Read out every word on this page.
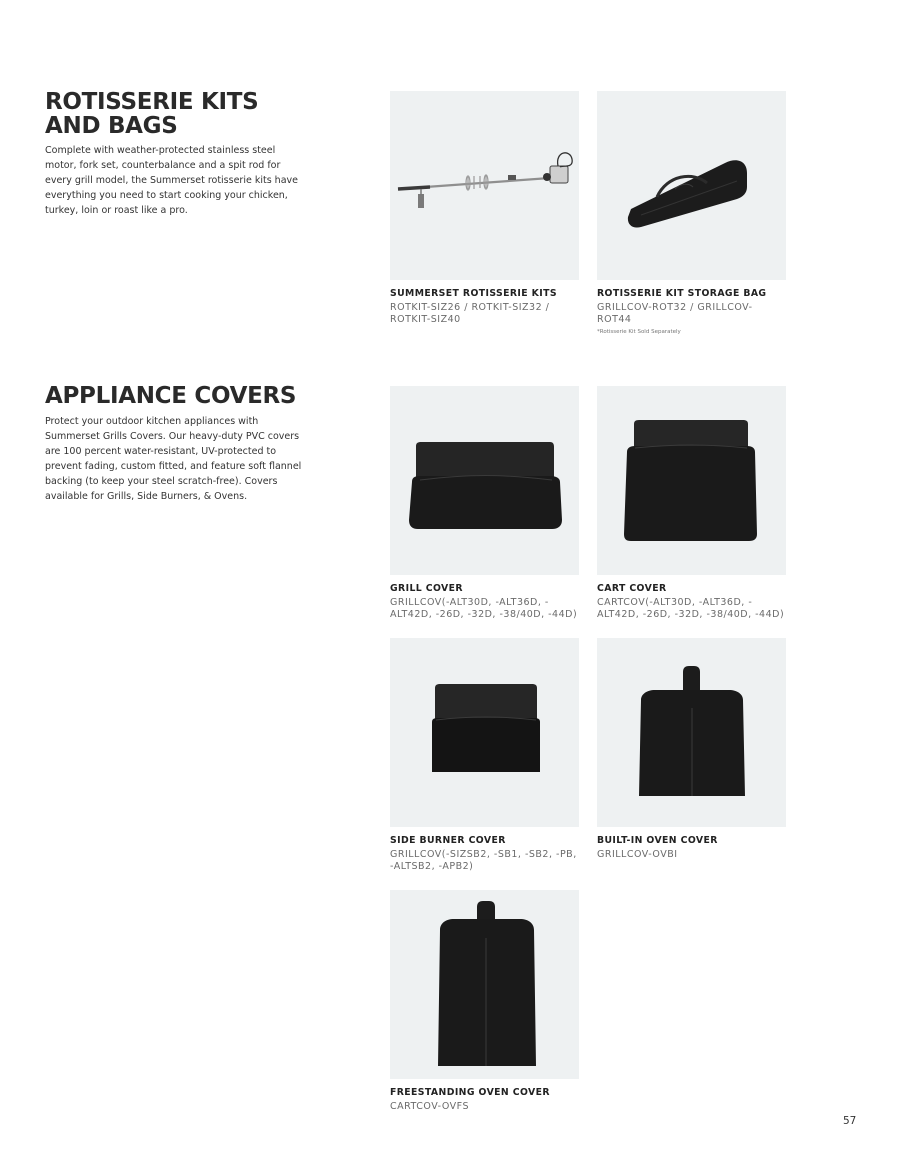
ROTISSERIE KITS
AND BAGS

Complete with weather-protected stainless steel motor, fork set, counterbalance and a spit rod for every grill model, the Summerset rotisserie kits have everything you need to start cooking your chicken, turkey, loin or roast like a pro.

SUMMERSET ROTISSERIE KITS
ROTKIT-SIZ26 / ROTKIT-SIZ32 / ROTKIT-SIZ40
ROTISSERIE KIT STORAGE BAG
GRILLCOV-ROT32 / GRILLCOV-ROT44
*Rotisserie Kit Sold Separately
APPLIANCE COVERS

Protect your outdoor kitchen appliances with Summerset Grills Covers. Our heavy-duty PVC covers are 100 percent water-resistant, UV-protected to prevent fading, custom fitted, and feature soft flannel backing (to keep your steel scratch-free). Covers available for Grills, Side Burners, & Ovens.

GRILL COVER
GRILLCOV(-ALT30D, -ALT36D, -ALT42D, -26D, -32D, -38/40D, -44D)
CART COVER
CARTCOV(-ALT30D, -ALT36D, -ALT42D, -26D, -32D, -38/40D, -44D)
SIDE BURNER COVER
GRILLCOV(-SIZSB2, -SB1, -SB2, -PB, -ALTSB2, -APB2)
BUILT-IN OVEN COVER
GRILLCOV-OVBI
FREESTANDING OVEN COVER
CARTCOV-OVFS
57
